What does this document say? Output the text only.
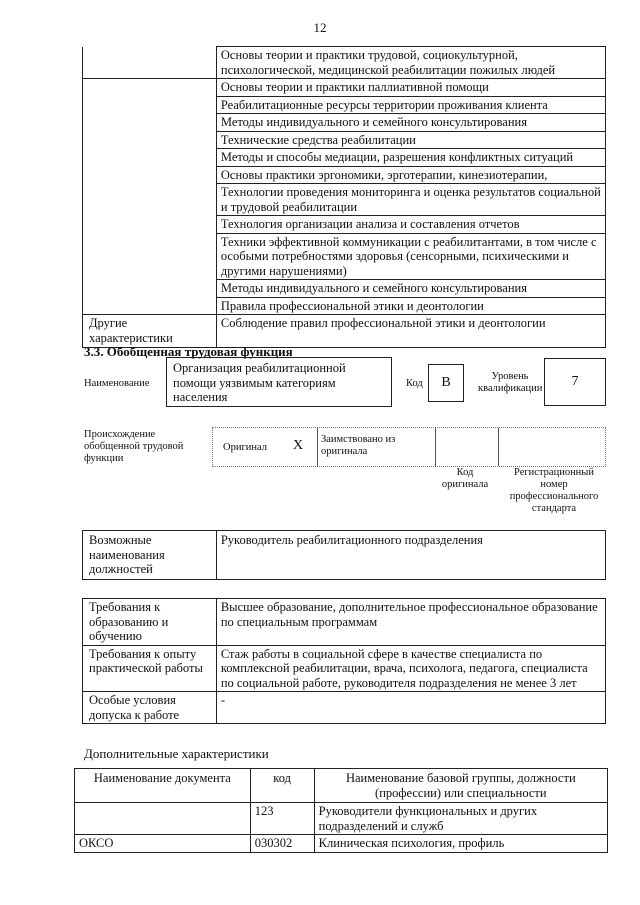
12
	Основы теории и практики трудовой, социокультурной, психологической, медицинской реабилитации пожилых людей
	Основы теории и практики паллиативной помощи
	Реабилитационные ресурсы территории проживания клиента
	Методы индивидуального и семейного консультирования
	Технические средства реабилитации
	Методы и способы медиации, разрешения конфликтных ситуаций
	Основы практики эргономики, эрготерапии, кинезиотерапии,
	Технологии проведения мониторинга и оценка результатов социальной и трудовой реабилитации
	Технология организации анализа и составления отчетов
	Техники эффективной коммуникации с реабилитантами, в том числе с особыми потребностями здоровья (сенсорными, психическими и другими нарушениями)
	Методы индивидуального и семейного консультирования
	Правила профессиональной этики и деонтологии
Другие характеристики	Соблюдение правил профессиональной этики и деонтологии
3.3. Обобщенная трудовая функция
Наименование
Организация реабилитационной помощи уязвимым категориям населения
Код	В	Уровень квалификации	7
Происхождение обобщенной трудовой функции
Оригинал Х Заимствовано из оригинала
Код оригинала
Регистрационный номер профессионального стандарта
Возможные наименования должностей	Руководитель реабилитационного подразделения
Требования к образованию и обучению	Высшее образование, дополнительное профессиональное образование по специальным программам
Требования к опыту практической работы	Стаж работы в социальной сфере в качестве специалиста по комплексной реабилитации, врача, психолога, педагога, специалиста по социальной работе, руководителя подразделения не менее 3 лет
Особые условия допуска к работе	-
Дополнительные характеристики
Наименование документа	код	Наименование базовой группы, должности (профессии) или специальности
	123	Руководители функциональных и других подразделений и служб
ОКСО	030302	Клиническая психология, профиль
